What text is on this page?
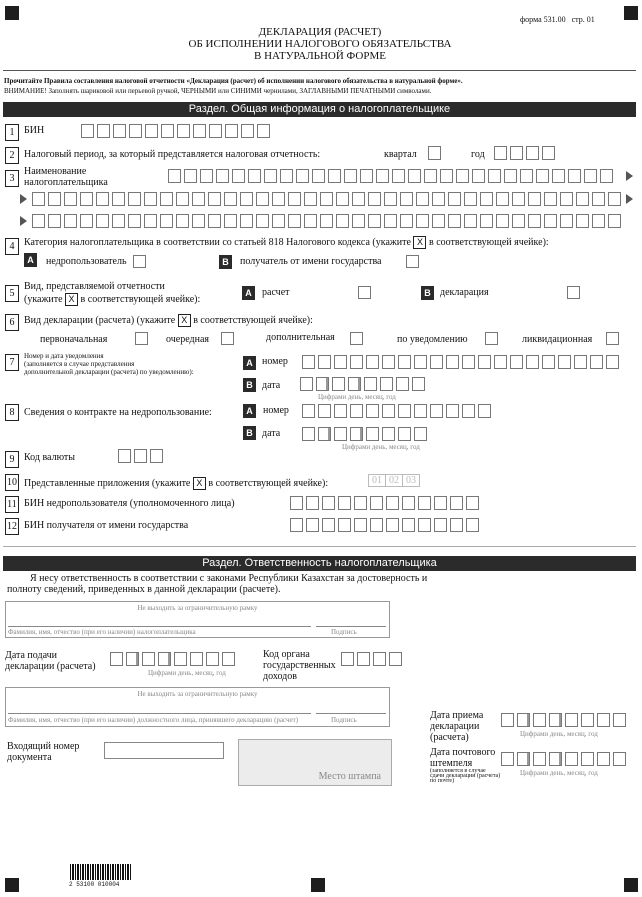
форма 531.00 стр. 01
ДЕКЛАРАЦИЯ (РАСЧЕТ)
ОБ ИСПОЛНЕНИИ НАЛОГОВОГО ОБЯЗАТЕЛЬСТВА
В НАТУРАЛЬНОЙ ФОРМЕ
Прочитайте Правила составления налоговой отчетности «Декларация (расчет) об исполнении налогового обязательства в натуральной форме».
ВНИМАНИЕ! Заполнять шариковой или перьевой ручкой, ЧЕРНЫМИ или СИНИМИ чернилами, ЗАГЛАВНЫМИ ПЕЧАТНЫМИ символами.
Раздел. Общая информация о налогоплательщике
1 БИН
2 Налоговый период, за который представляется налоговая отчетность:	квартал	год
3
Наименование
налогоплательщика
4 Категория налогоплательщика в соответствии со статьей 818 Налогового кодекса (укажите X в соответствующей ячейке):
A	недропользователь	B	получатель от имени государства
5
Вид, представляемой отчетности
(укажите X в соответствующей ячейке):
A	расчет	B декларация
6 Вид декларации (расчета) (укажите X в соответствующей ячейке):
первоначальная	очередная	дополнительная	по уведомлению	ликвидационная
7
Номер и дата уведомления
(заполняется в случае представления
дополнительной декларации (расчета) по уведомлению):
A номер
B дата
Цифрами день, месяц, год
8 Сведения о контракте на недропользование:	A	номер
B дата
Цифрами день, месяц, год
9 Код валюты
10 Представленные приложения (укажите X в соответствующей ячейке):	01 02 03
11 БИН недропользователя (уполномоченного лица)
12 БИН получателя от имени государства
Раздел. Ответственность налогоплательщика
Я несу ответственность в соответствии с законами Республики Казахстан за достоверность и
полноту сведений, приведенных в данной декларации (расчете).
Не выходить за ограничительную рамку
Фамилия, имя, отчество (при его наличии) налогоплательщика	Подпись
Дата подачи
декларации (расчета)
Цифрами день, месяц, год
Код органа
государственных
доходов
Не выходить за ограничительную рамку
Фамилия, имя, отчество (при его наличии) должностного лица, принявшего декларацию (расчет)	Подпись	Дата приема
декларации
(расчета)	Цифрами день, месяц, год
Входящий номер
документа
Место штампа
Дата почтового
штемпеля
(заполняется в случае
сдачи декларации (расчета)
по почте)
Цифрами день, месяц, год
2 53100 010004
